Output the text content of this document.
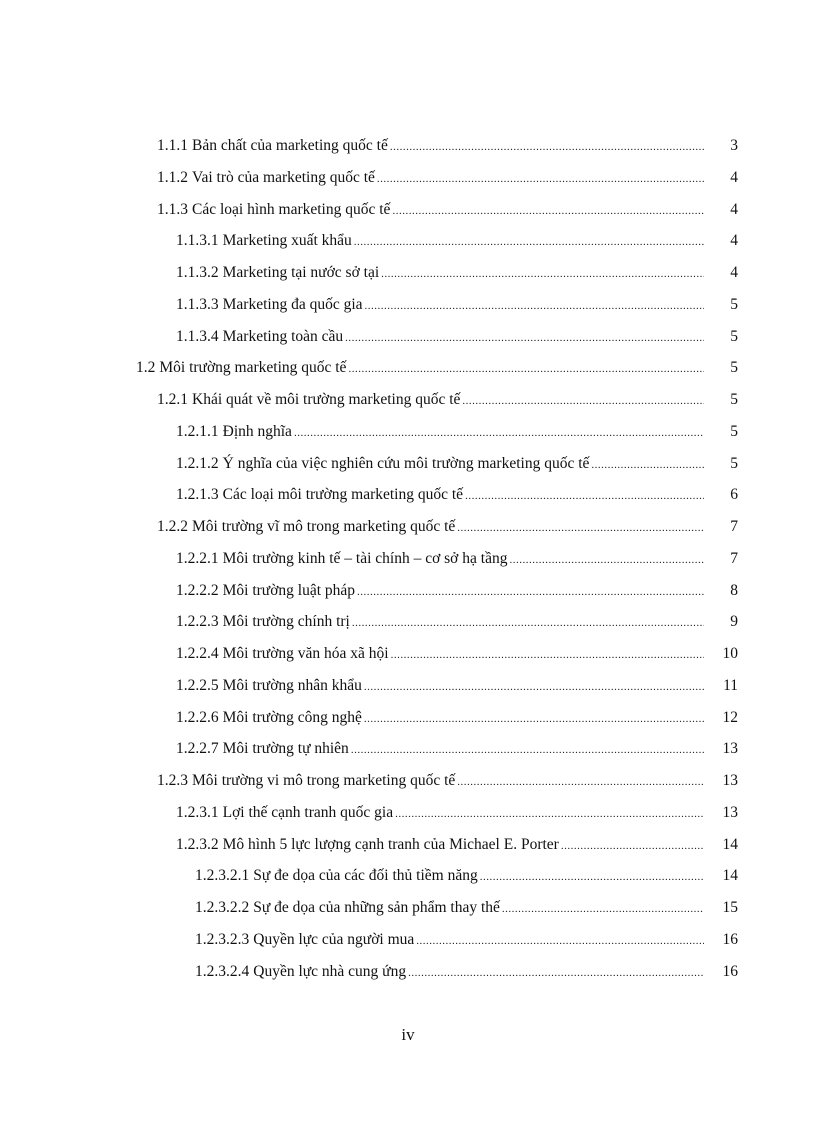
1.1.1 Bản chất của marketing quốc tế .....	3
1.1.2 Vai trò của marketing quốc tế .....	4
1.1.3 Các loại hình marketing quốc tế .....	4
1.1.3.1 Marketing xuất khẩu .....	4
1.1.3.2 Marketing tại nước sở tại .....	4
1.1.3.3 Marketing đa quốc gia .....	5
1.1.3.4 Marketing toàn cầu .....	5
1.2 Môi trường marketing quốc tế .....	5
1.2.1 Khái quát về môi trường marketing quốc tế .....	5
1.2.1.1 Định nghĩa .....	5
1.2.1.2 Ý nghĩa của việc nghiên cứu môi trường marketing quốc tế .....	5
1.2.1.3 Các loại môi trường marketing quốc tế .....	6
1.2.2 Môi trường vĩ mô trong marketing quốc tế .....	7
1.2.2.1 Môi trường kinh tế – tài chính – cơ sở hạ tầng .....	7
1.2.2.2 Môi trường luật pháp .....	8
1.2.2.3 Môi trường chính trị .....	9
1.2.2.4 Môi trường văn hóa xã hội .....	10
1.2.2.5 Môi trường nhân khẩu .....	11
1.2.2.6 Môi trường công nghệ .....	12
1.2.2.7 Môi trường tự nhiên .....	13
1.2.3 Môi trường vi mô trong marketing quốc tế .....	13
1.2.3.1 Lợi thế cạnh tranh quốc gia .....	13
1.2.3.2 Mô hình 5 lực lượng cạnh tranh của Michael E. Porter .....	14
1.2.3.2.1 Sự đe dọa của các đối thủ tiềm năng .....	14
1.2.3.2.2 Sự đe dọa của những sản phẩm thay thế .....	15
1.2.3.2.3 Quyền lực của người mua .....	16
1.2.3.2.4 Quyền lực nhà cung ứng .....	16
iv
